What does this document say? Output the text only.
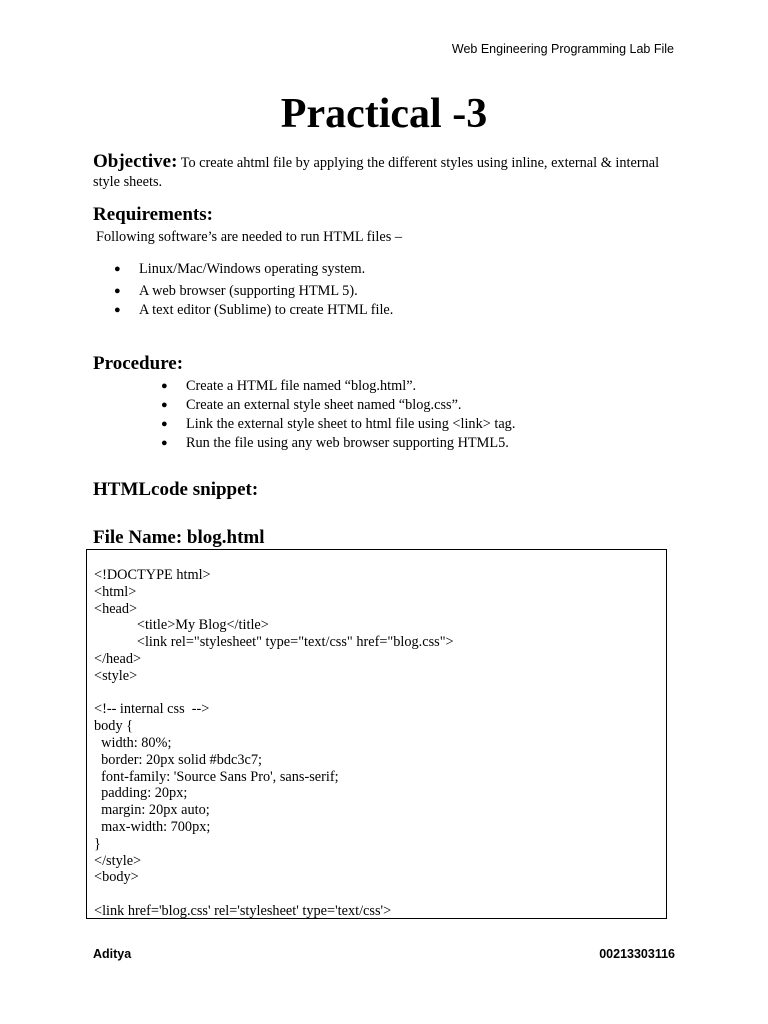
Web Engineering Programming Lab File
Practical -3
Objective: To create ahtml file by applying the different styles using inline, external & internal style sheets.
Requirements:
Following software’s are needed to run HTML files –
● Linux/Mac/Windows operating system.
● A web browser (supporting HTML 5).
● A text editor (Sublime) to create HTML file.
Procedure:
● Create a HTML file named “blog.html”.
● Create an external style sheet named “blog.css”.
● Link the external style sheet to html file using <link> tag.
● Run the file using any web browser supporting HTML5.
HTMLcode snippet:
File Name: blog.html
<!DOCTYPE html>
<html>
<head>
<title>My Blog</title>
<link rel="stylesheet" type="text/css" href="blog.css">
</head>
<style>
<!-- internal css  -->
body {
width: 80%;
border: 20px solid #bdc3c7;
font-family: 'Source Sans Pro', sans-serif;
padding: 20px;
margin: 20px auto;
max-width: 700px;
}
</style>
<body>
<link href='blog.css' rel='stylesheet' type='text/css'>
Aditya	00213303116
